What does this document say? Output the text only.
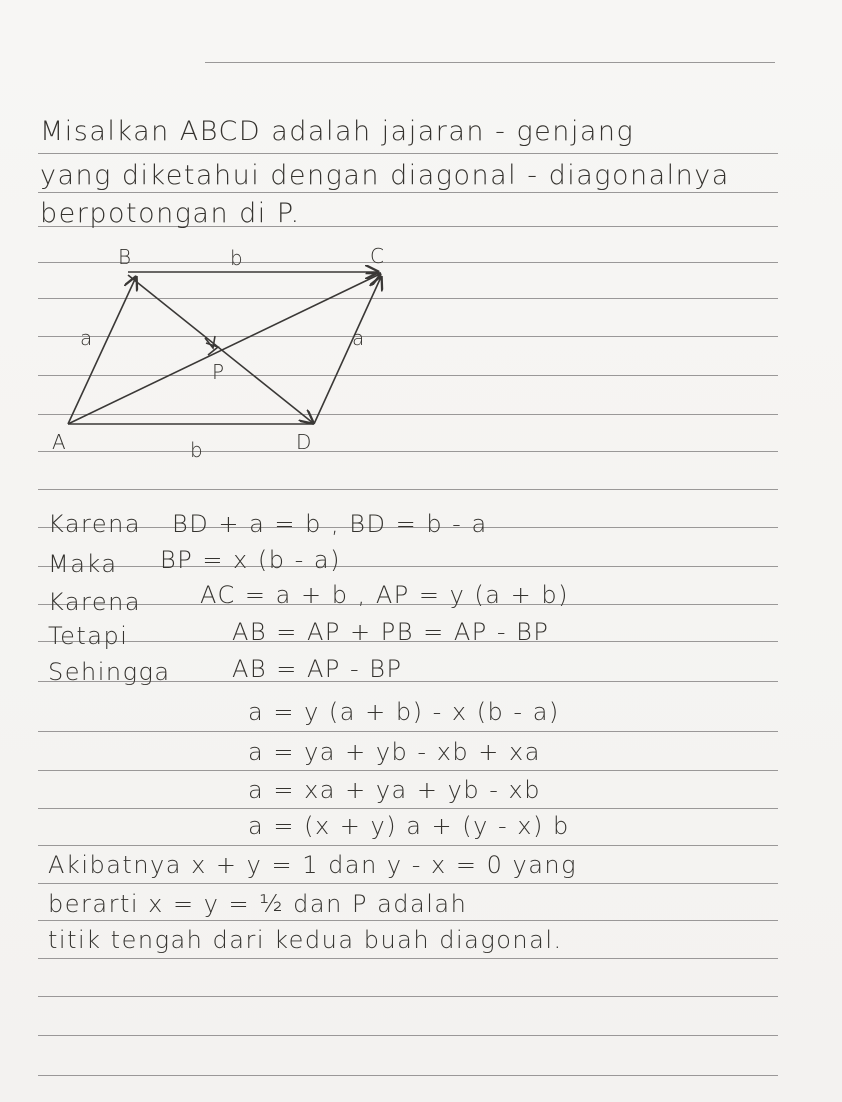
Misalkan ABCD adalah jajaran - genjang
yang diketahui dengan diagonal - diagonalnya
berpotongan di P.
B	C
A	D
P
b
b
a	a
Karena BD + a = b , BD = b - a
Maka BP = x (b - a)
Karena AC = a + b , AP = y (a + b)
Tetapi	AB = AP + PB = AP - BP
Sehingga	AB = AP - BP
a = y (a + b) - x (b - a)
a = ya + yb - xb + xa
a = xa + ya + yb - xb
a = (x + y) a + (y - x) b
Akibatnya x + y = 1 dan y - x = 0 yang
berarti x = y = ½ dan P adalah
titik tengah dari kedua buah diagonal.
